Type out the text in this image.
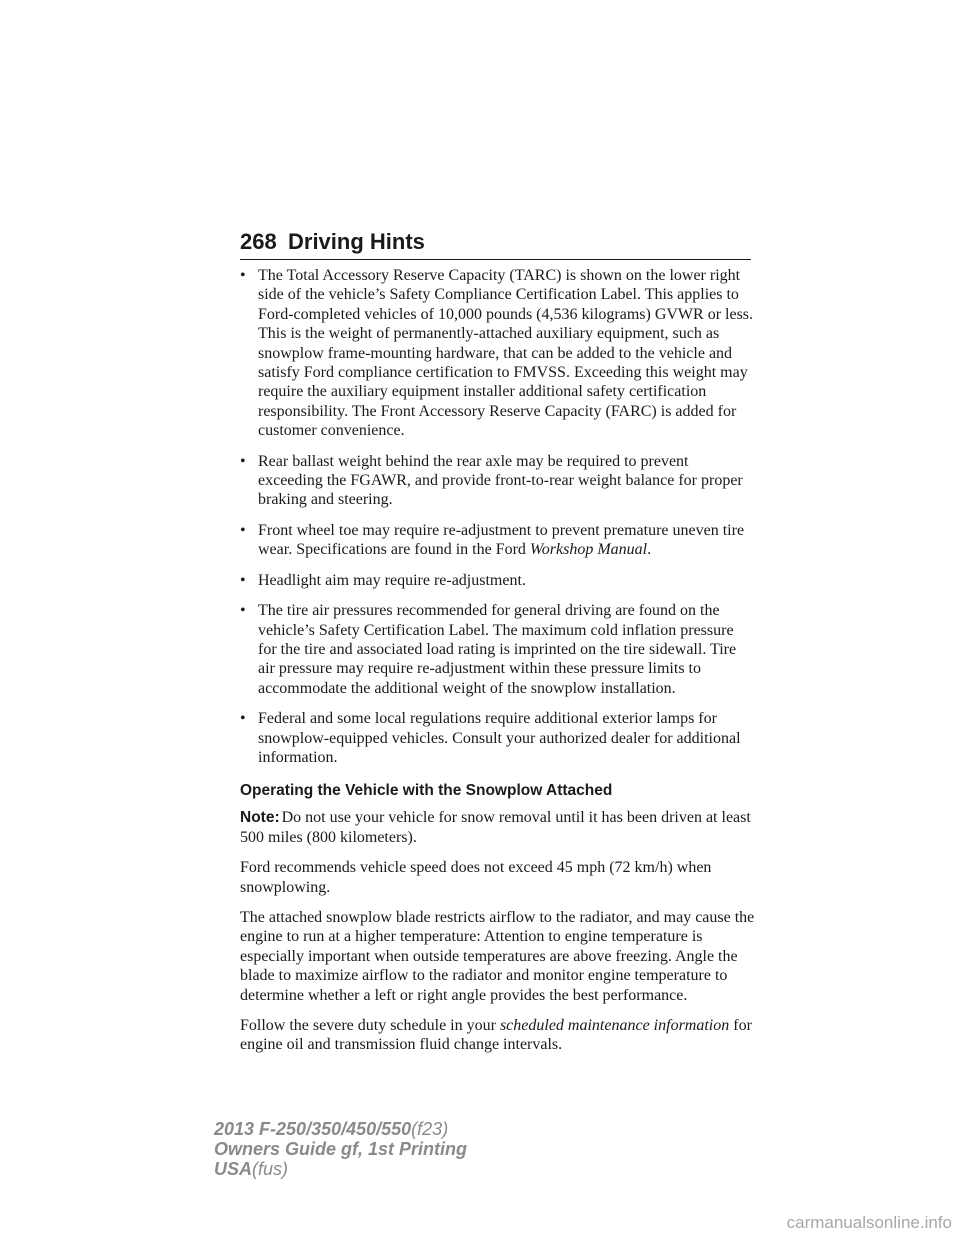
268 Driving Hints
• The Total Accessory Reserve Capacity (TARC) is shown on the lower right side of the vehicle’s Safety Compliance Certification Label. This applies to Ford-completed vehicles of 10,000 pounds (4,536 kilograms) GVWR or less. This is the weight of permanently-attached auxiliary equipment, such as snowplow frame-mounting hardware, that can be added to the vehicle and satisfy Ford compliance certification to FMVSS. Exceeding this weight may require the auxiliary equipment installer additional safety certification responsibility. The Front Accessory Reserve Capacity (FARC) is added for customer convenience.
• Rear ballast weight behind the rear axle may be required to prevent exceeding the FGAWR, and provide front-to-rear weight balance for proper braking and steering.
• Front wheel toe may require re-adjustment to prevent premature uneven tire wear. Specifications are found in the Ford Workshop Manual.
• Headlight aim may require re-adjustment.
• The tire air pressures recommended for general driving are found on the vehicle’s Safety Certification Label. The maximum cold inflation pressure for the tire and associated load rating is imprinted on the tire sidewall. Tire air pressure may require re-adjustment within these pressure limits to accommodate the additional weight of the snowplow installation.
• Federal and some local regulations require additional exterior lamps for snowplow-equipped vehicles. Consult your authorized dealer for additional information.
Operating the Vehicle with the Snowplow Attached

Note: Do not use your vehicle for snow removal until it has been driven at least 500 miles (800 kilometers).

Ford recommends vehicle speed does not exceed 45 mph (72 km/h) when snowplowing.

The attached snowplow blade restricts airflow to the radiator, and may cause the engine to run at a higher temperature: Attention to engine temperature is especially important when outside temperatures are above freezing. Angle the blade to maximize airflow to the radiator and monitor engine temperature to determine whether a left or right angle provides the best performance.

Follow the severe duty schedule in your scheduled maintenance information for engine oil and transmission fluid change intervals.

2013 F-250/350/450/550(f23)
Owners Guide gf, 1st Printing
USA(fus)
carmanualsonline.info
